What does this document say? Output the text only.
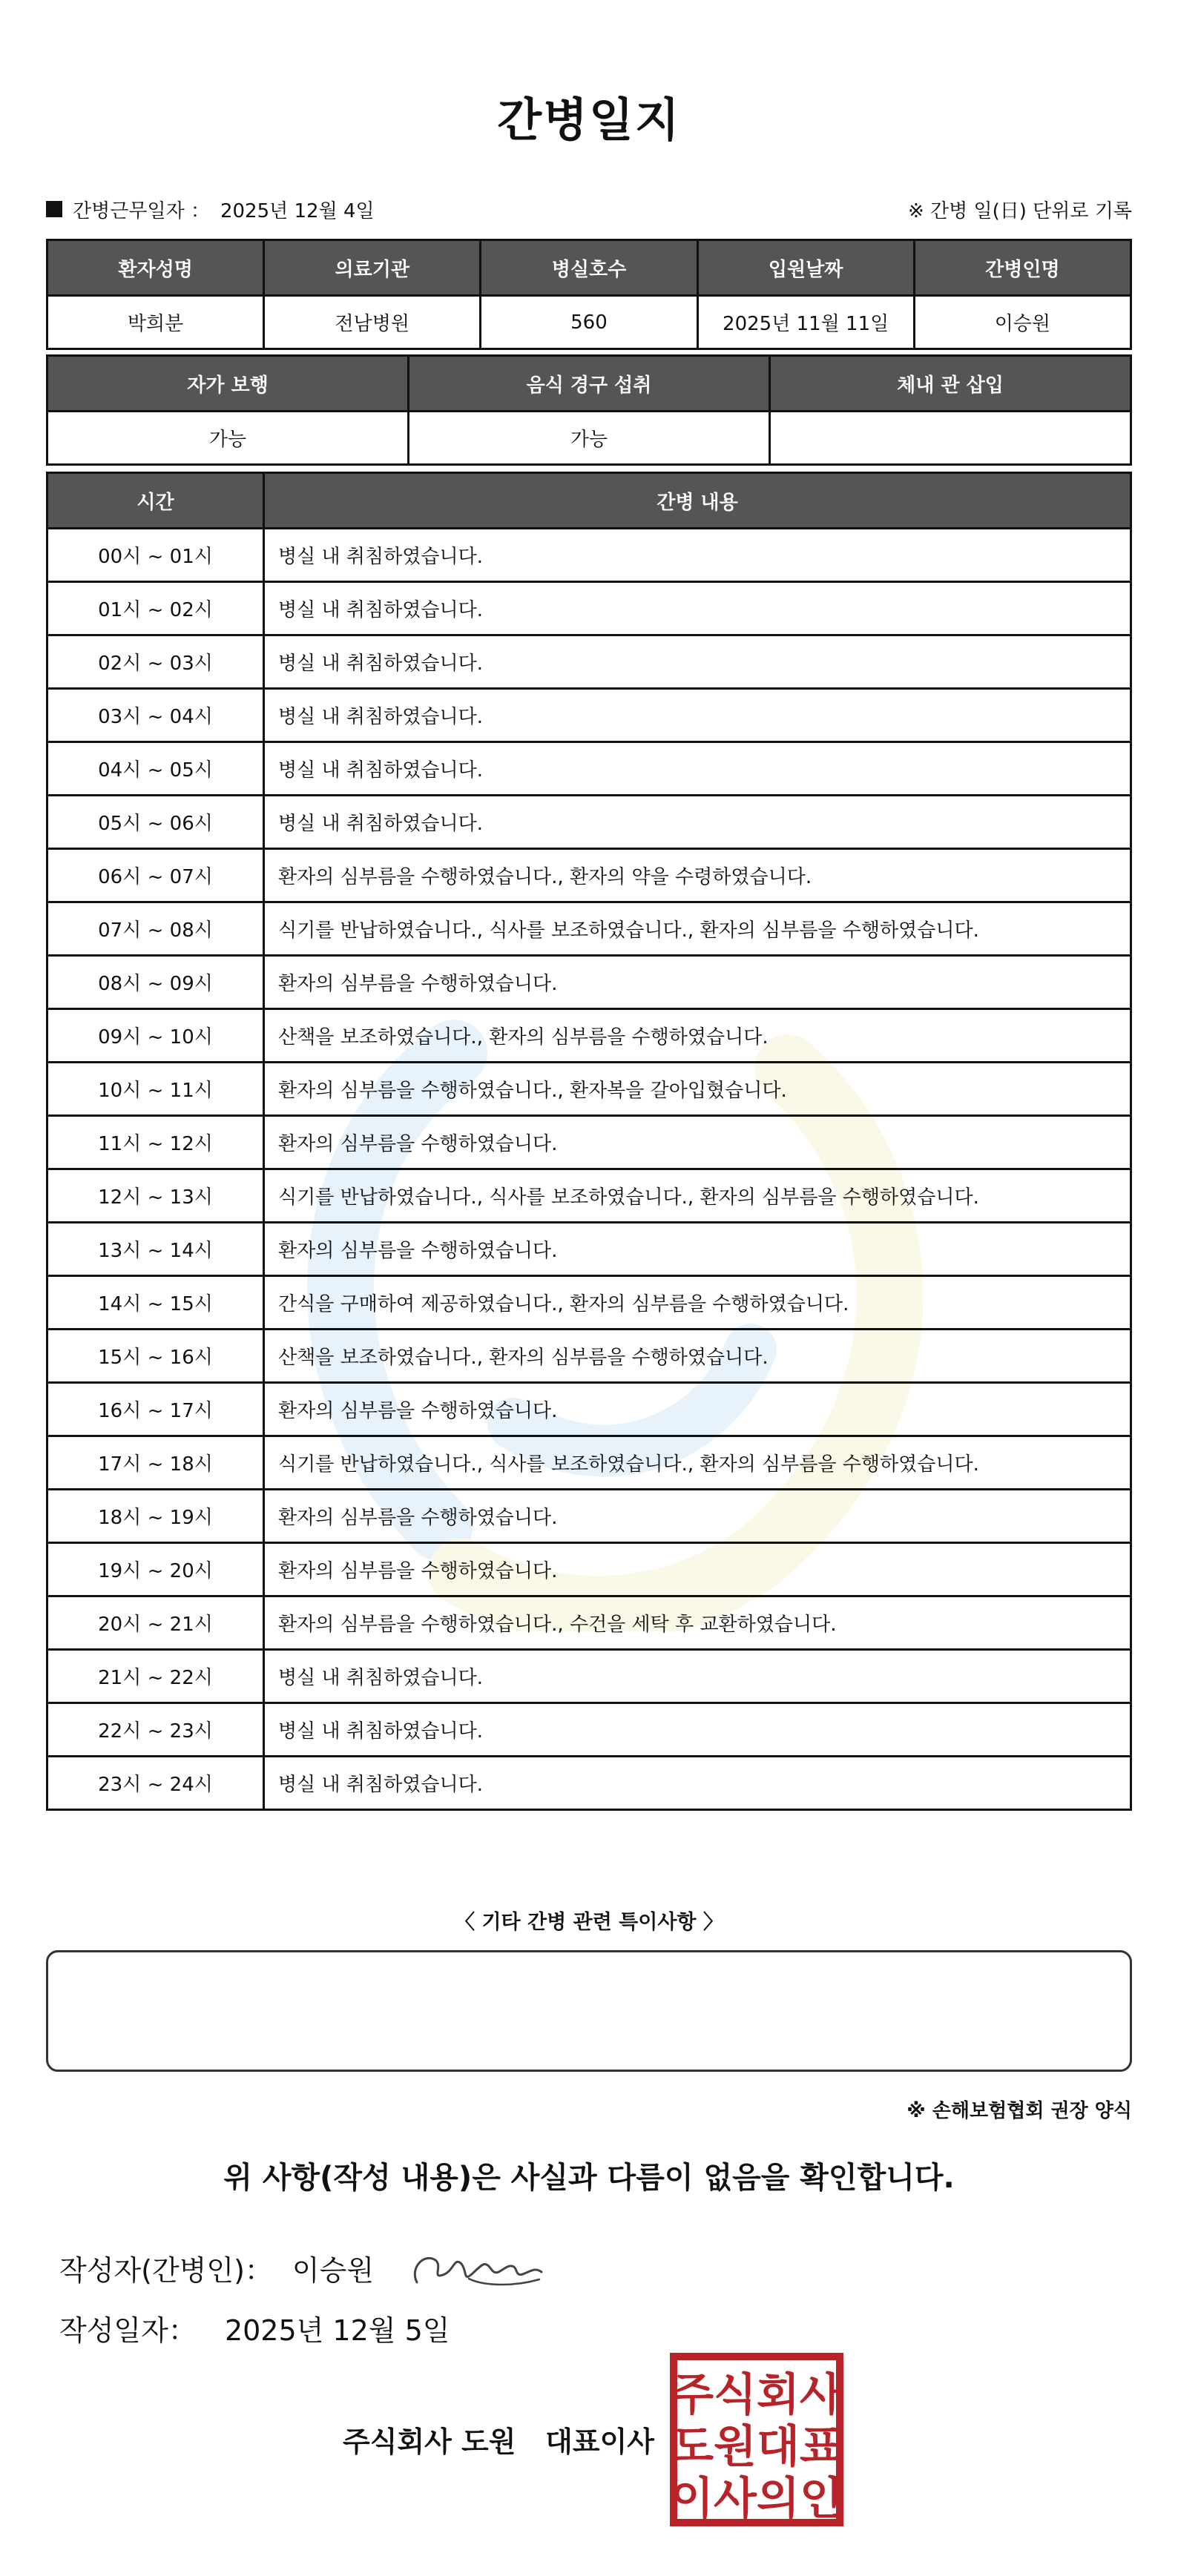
간병일지
간병근무일자 ： 2025년 12월 4일	※ 간병 일(日) 단위로 기록
환자성명	의료기관	병실호수	입원날짜	간병인명
박희분	전남병원	560	2025년 11월 11일	이승원
자가 보행	음식 경구 섭취	체내 관 삽입
가능	가능	
시간	간병 내용
00시 ~ 01시	병실 내 취침하였습니다.
01시 ~ 02시	병실 내 취침하였습니다.
02시 ~ 03시	병실 내 취침하였습니다.
03시 ~ 04시	병실 내 취침하였습니다.
04시 ~ 05시	병실 내 취침하였습니다.
05시 ~ 06시	병실 내 취침하였습니다.
06시 ~ 07시	환자의 심부름을 수행하였습니다., 환자의 약을 수령하였습니다.
07시 ~ 08시	식기를 반납하였습니다., 식사를 보조하였습니다., 환자의 심부름을 수행하였습니다.
08시 ~ 09시	환자의 심부름을 수행하였습니다.
09시 ~ 10시	산책을 보조하였습니다., 환자의 심부름을 수행하였습니다.
10시 ~ 11시	환자의 심부름을 수행하였습니다., 환자복을 갈아입혔습니다.
11시 ~ 12시	환자의 심부름을 수행하였습니다.
12시 ~ 13시	식기를 반납하였습니다., 식사를 보조하였습니다., 환자의 심부름을 수행하였습니다.
13시 ~ 14시	환자의 심부름을 수행하였습니다.
14시 ~ 15시	간식을 구매하여 제공하였습니다., 환자의 심부름을 수행하였습니다.
15시 ~ 16시	산책을 보조하였습니다., 환자의 심부름을 수행하였습니다.
16시 ~ 17시	환자의 심부름을 수행하였습니다.
17시 ~ 18시	식기를 반납하였습니다., 식사를 보조하였습니다., 환자의 심부름을 수행하였습니다.
18시 ~ 19시	환자의 심부름을 수행하였습니다.
19시 ~ 20시	환자의 심부름을 수행하였습니다.
20시 ~ 21시	환자의 심부름을 수행하였습니다., 수건을 세탁 후 교환하였습니다.
21시 ~ 22시	병실 내 취침하였습니다.
22시 ~ 23시	병실 내 취침하였습니다.
23시 ~ 24시	병실 내 취침하였습니다.
〈 기타 간병 관련 특이사항 〉
※ 손해보험협회 권장 양식
위 사항(작성 내용)은 사실과 다름이 없음을 확인합니다.
작성자(간병인)： 이승원
작성일자： 2025년 12월 5일
주식회사 도원   대표이사
주식회사
도원대표
이사의인
